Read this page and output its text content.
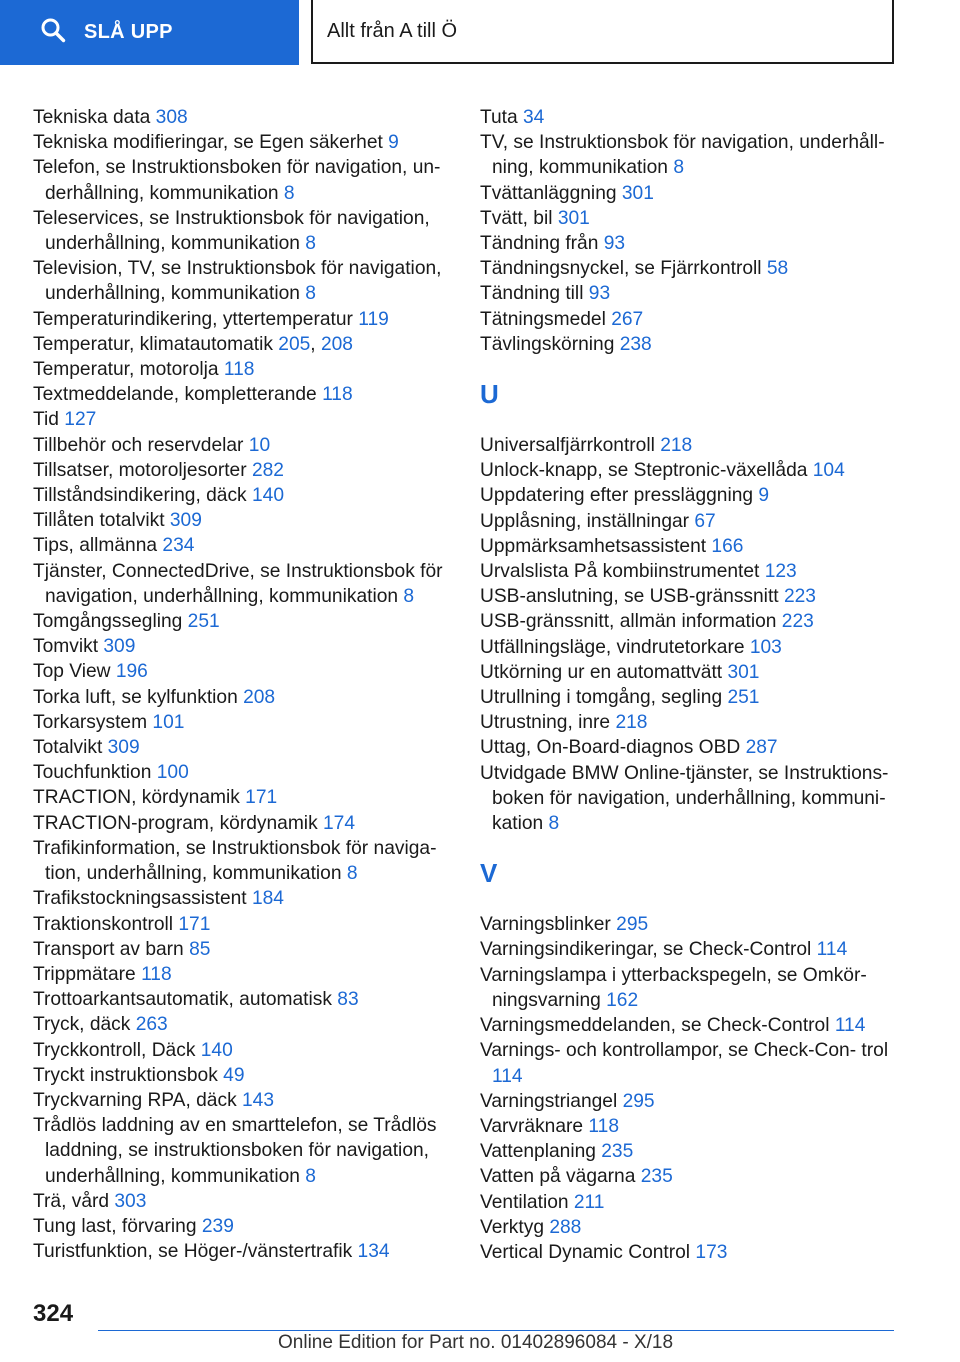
SLÅ UPP	Allt från A till Ö
Tekniska data 308
Tekniska modifieringar, se Egen säkerhet 9
Telefon, se Instruktionsboken för navigation, un‐ derhållning, kommunikation 8
Teleservices, se Instruktionsbok för navigation, underhållning, kommunikation 8
Television, TV, se Instruktionsbok för navigation, underhållning, kommunikation 8
Temperaturindikering, yttertemperatur 119
Temperatur, klimatautomatik 205, 208
Temperatur, motorolja 118
Textmeddelande, kompletterande 118
Tid 127
Tillbehör och reservdelar 10
Tillsatser, motoroljesorter 282
Tillståndsindikering, däck 140
Tillåten totalvikt 309
Tips, allmänna 234
Tjänster, ConnectedDrive, se Instruktionsbok för navigation, underhållning, kommunikation 8
Tomgångssegling 251
Tomvikt 309
Top View 196
Torka luft, se kylfunktion 208
Torkarsystem 101
Totalvikt 309
Touchfunktion 100
TRACTION, kördynamik 171
TRACTION-program, kördynamik 174
Trafikinformation, se Instruktionsbok för naviga‐ tion, underhållning, kommunikation 8
Trafikstockningsassistent 184
Traktionskontroll 171
Transport av barn 85
Trippmätare 118
Trottoarkantsautomatik, automatisk 83
Tryck, däck 263
Tryckkontroll, Däck 140
Tryckt instruktionsbok 49
Tryckvarning RPA, däck 143
Trådlös laddning av en smarttelefon, se Trådlös laddning, se instruktionsboken för navigation, underhållning, kommunikation 8
Trä, vård 303
Tung last, förvaring 239
Turistfunktion, se Höger-/vänstertrafik 134
Tuta 34
TV, se Instruktionsbok för navigation, underhåll‐ ning, kommunikation 8
Tvättanläggning 301
Tvätt, bil 301
Tändning från 93
Tändningsnyckel, se Fjärrkontroll 58
Tändning till 93
Tätningsmedel 267
Tävlingskörning 238
U
Universalfjärrkontroll 218
Unlock-knapp, se Steptronic-växellåda 104
Uppdatering efter pressläggning 9
Upplåsning, inställningar 67
Uppmärksamhetsassistent 166
Urvalslista På kombiinstrumentet 123
USB-anslutning, se USB-gränssnitt 223
USB-gränssnitt, allmän information 223
Utfällningsläge, vindrutetorkare 103
Utkörning ur en automattvätt 301
Utrullning i tomgång, segling 251
Utrustning, inre 218
Uttag, On-Board-diagnos OBD 287
Utvidgade BMW Online-tjänster, se Instruktions‐ boken för navigation, underhållning, kommuni‐ kation 8
V
Varningsblinker 295
Varningsindikeringar, se Check-Control 114
Varningslampa i ytterbackspegeln, se Omkör‐ ningsvarning 162
Varningsmeddelanden, se Check-Control 114
Varnings- och kontrollampor, se Check-Con‐ trol 114
Varningstriangel 295
Varvräknare 118
Vattenplaning 235
Vatten på vägarna 235
Ventilation 211
Verktyg 288
Vertical Dynamic Control 173
324
Online Edition for Part no. 01402896084 - X/18
